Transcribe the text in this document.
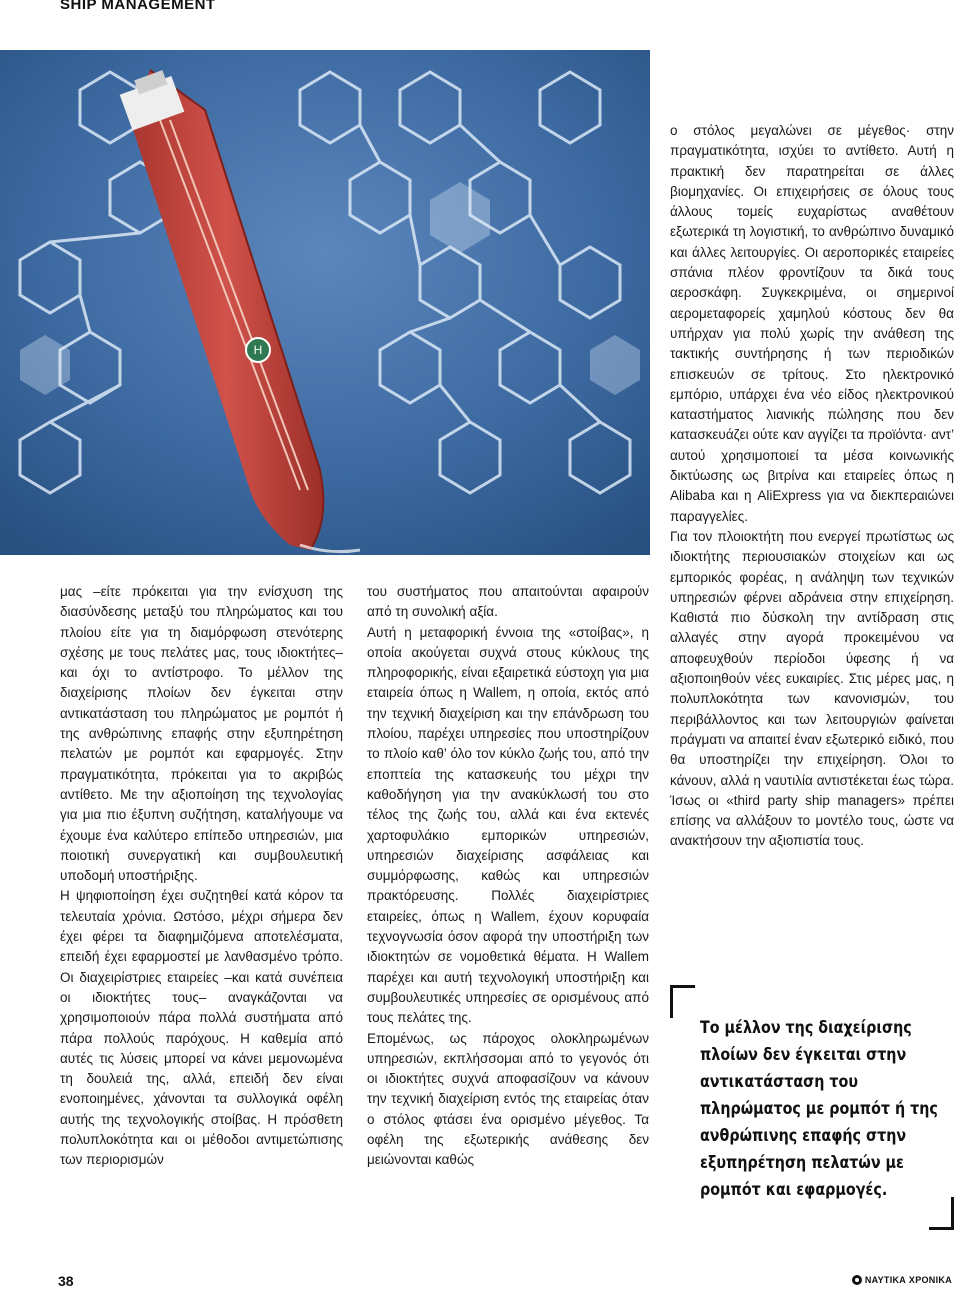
SHIP MANAGEMENT
H

μας –είτε πρόκειται για την ενίσχυση της διασύνδεσης μεταξύ του πληρώματος και του πλοίου είτε για τη διαμόρφωση στενότερης σχέσης με τους πελάτες μας, τους ιδιοκτήτες– και όχι το αντίστροφο. Το μέλλον της διαχείρισης πλοίων δεν έγκειται στην αντικατάσταση του πληρώματος με ρομπότ ή της ανθρώπινης επαφής στην εξυπηρέτηση πελατών με ρομπότ και εφαρμογές. Στην πραγματικότητα, πρόκειται για το ακριβώς αντίθετο. Με την αξιοποίηση της τεχνολογίας για μια πιο έξυπνη συζήτηση, καταλήγουμε να έχουμε ένα καλύτερο επίπεδο υπηρεσιών, μια ποιοτική συνεργατική και συμβουλευτική υποδομή υποστήριξης.

Η ψηφιοποίηση έχει συζητηθεί κατά κόρον τα τελευταία χρόνια. Ωστόσο, μέχρι σήμερα δεν έχει φέρει τα διαφημιζόμενα αποτελέσματα, επειδή έχει εφαρμοστεί με λανθασμένο τρόπο. Οι διαχειρίστριες εταιρείες –και κατά συνέπεια οι ιδιοκτήτες τους– αναγκάζονται να χρησιμοποιούν πάρα πολλά συστήματα από πάρα πολλούς παρόχους. Η καθεμία από αυτές τις λύσεις μπορεί να κάνει μεμονωμένα τη δουλειά της, αλλά, επειδή δεν είναι ενοποιημένες, χάνονται τα συλλογικά οφέλη αυτής της τεχνολογικής στοίβας. Η πρόσθετη πολυπλοκότητα και οι μέθοδοι αντιμετώπισης των περιορισμών

του συστήματος που απαιτούνται αφαιρούν από τη συνολική αξία.

Αυτή η μεταφορική έννοια της «στοίβας», η οποία ακούγεται συχνά στους κύκλους της πληροφορικής, είναι εξαιρετικά εύστοχη για μια εταιρεία όπως η Wallem, η οποία, εκτός από την τεχνική διαχείριση και την επάνδρωση του πλοίου, παρέχει υπηρεσίες που υποστηρίζουν το πλοίο καθ’ όλο τον κύκλο ζωής του, από την εποπτεία της κατασκευής του μέχρι την καθοδήγηση για την ανακύκλωσή του στο τέλος της ζωής του, αλλά και ένα εκτενές χαρτοφυλάκιο εμπορικών υπηρεσιών, υπηρεσιών διαχείρισης ασφάλειας και συμμόρφωσης, καθώς και υπηρεσιών πρακτόρευσης. Πολλές διαχειρίστριες εταιρείες, όπως η Wallem, έχουν κορυφαία τεχνογνωσία όσον αφορά την υποστήριξη των ιδιοκτητών σε νομοθετικά θέματα. Η Wallem παρέχει και αυτή τεχνολογική υποστήριξη και συμβουλευτικές υπηρεσίες σε ορισμένους από τους πελάτες της.

Επομένως, ως πάροχος ολοκληρωμένων υπηρεσιών, εκπλήσσομαι από το γεγονός ότι οι ιδιοκτήτες συχνά αποφασίζουν να κάνουν την τεχνική διαχείριση εντός της εταιρείας όταν ο στόλος φτάσει ένα ορισμένο μέγεθος. Τα οφέλη της εξωτερικής ανάθεσης δεν μειώνονται καθώς

ο στόλος μεγαλώνει σε μέγεθος· στην πραγματικότητα, ισχύει το αντίθετο. Αυτή η πρακτική δεν παρατηρείται σε άλλες βιομηχανίες. Οι επιχειρήσεις σε όλους τους άλλους τομείς ευχαρίστως αναθέτουν εξωτερικά τη λογιστική, το ανθρώπινο δυναμικό και άλλες λειτουργίες. Οι αεροπορικές εταιρείες σπάνια πλέον φροντίζουν τα δικά τους αεροσκάφη. Συγκεκριμένα, οι σημερινοί αερομεταφορείς χαμηλού κόστους δεν θα υπήρχαν για πολύ χωρίς την ανάθεση της τακτικής συντήρησης ή των περιοδικών επισκευών σε τρίτους. Στο ηλεκτρονικό εμπόριο, υπάρχει ένα νέο είδος ηλεκτρονικού καταστήματος λιανικής πώλησης που δεν κατασκευάζει ούτε καν αγγίζει τα προϊόντα· αντ’ αυτού χρησιμοποιεί τα μέσα κοινωνικής δικτύωσης ως βιτρίνα και εταιρείες όπως η Alibaba και η AliExpress για να διεκπεραιώνει παραγγελίες.

Για τον πλοιοκτήτη που ενεργεί πρωτίστως ως ιδιοκτήτης περιουσιακών στοιχείων και ως εμπορικός φορέας, η ανάληψη των τεχνικών υπηρεσιών φέρνει αδράνεια στην επιχείρηση. Καθιστά πιο δύσκολη την αντίδραση στις αλλαγές στην αγορά προκειμένου να αποφευχθούν περίοδοι ύφεσης ή να αξιοποιηθούν νέες ευκαιρίες. Στις μέρες μας, η πολυπλοκότητα των κανονισμών, του περιβάλλοντος και των λειτουργιών φαίνεται πράγματι να απαιτεί έναν εξωτερικό ειδικό, που θα υποστηρίζει την επιχείρηση. Όλοι το κάνουν, αλλά η ναυτιλία αντιστέκεται έως τώρα. Ίσως οι «third party ship managers» πρέπει επίσης να αλλάξουν το μοντέλο τους, ώστε να ανακτήσουν την αξιοπιστία τους.

Το μέλλον της διαχείρισης πλοίων δεν έγκειται στην αντικατάσταση του πληρώματος με ρομπότ ή της ανθρώπινης επαφής στην εξυπηρέτηση πελατών με ρομπότ και εφαρμογές.
38	ΝΑΥΤΙΚΑ ΧΡΟΝΙΚΑ
